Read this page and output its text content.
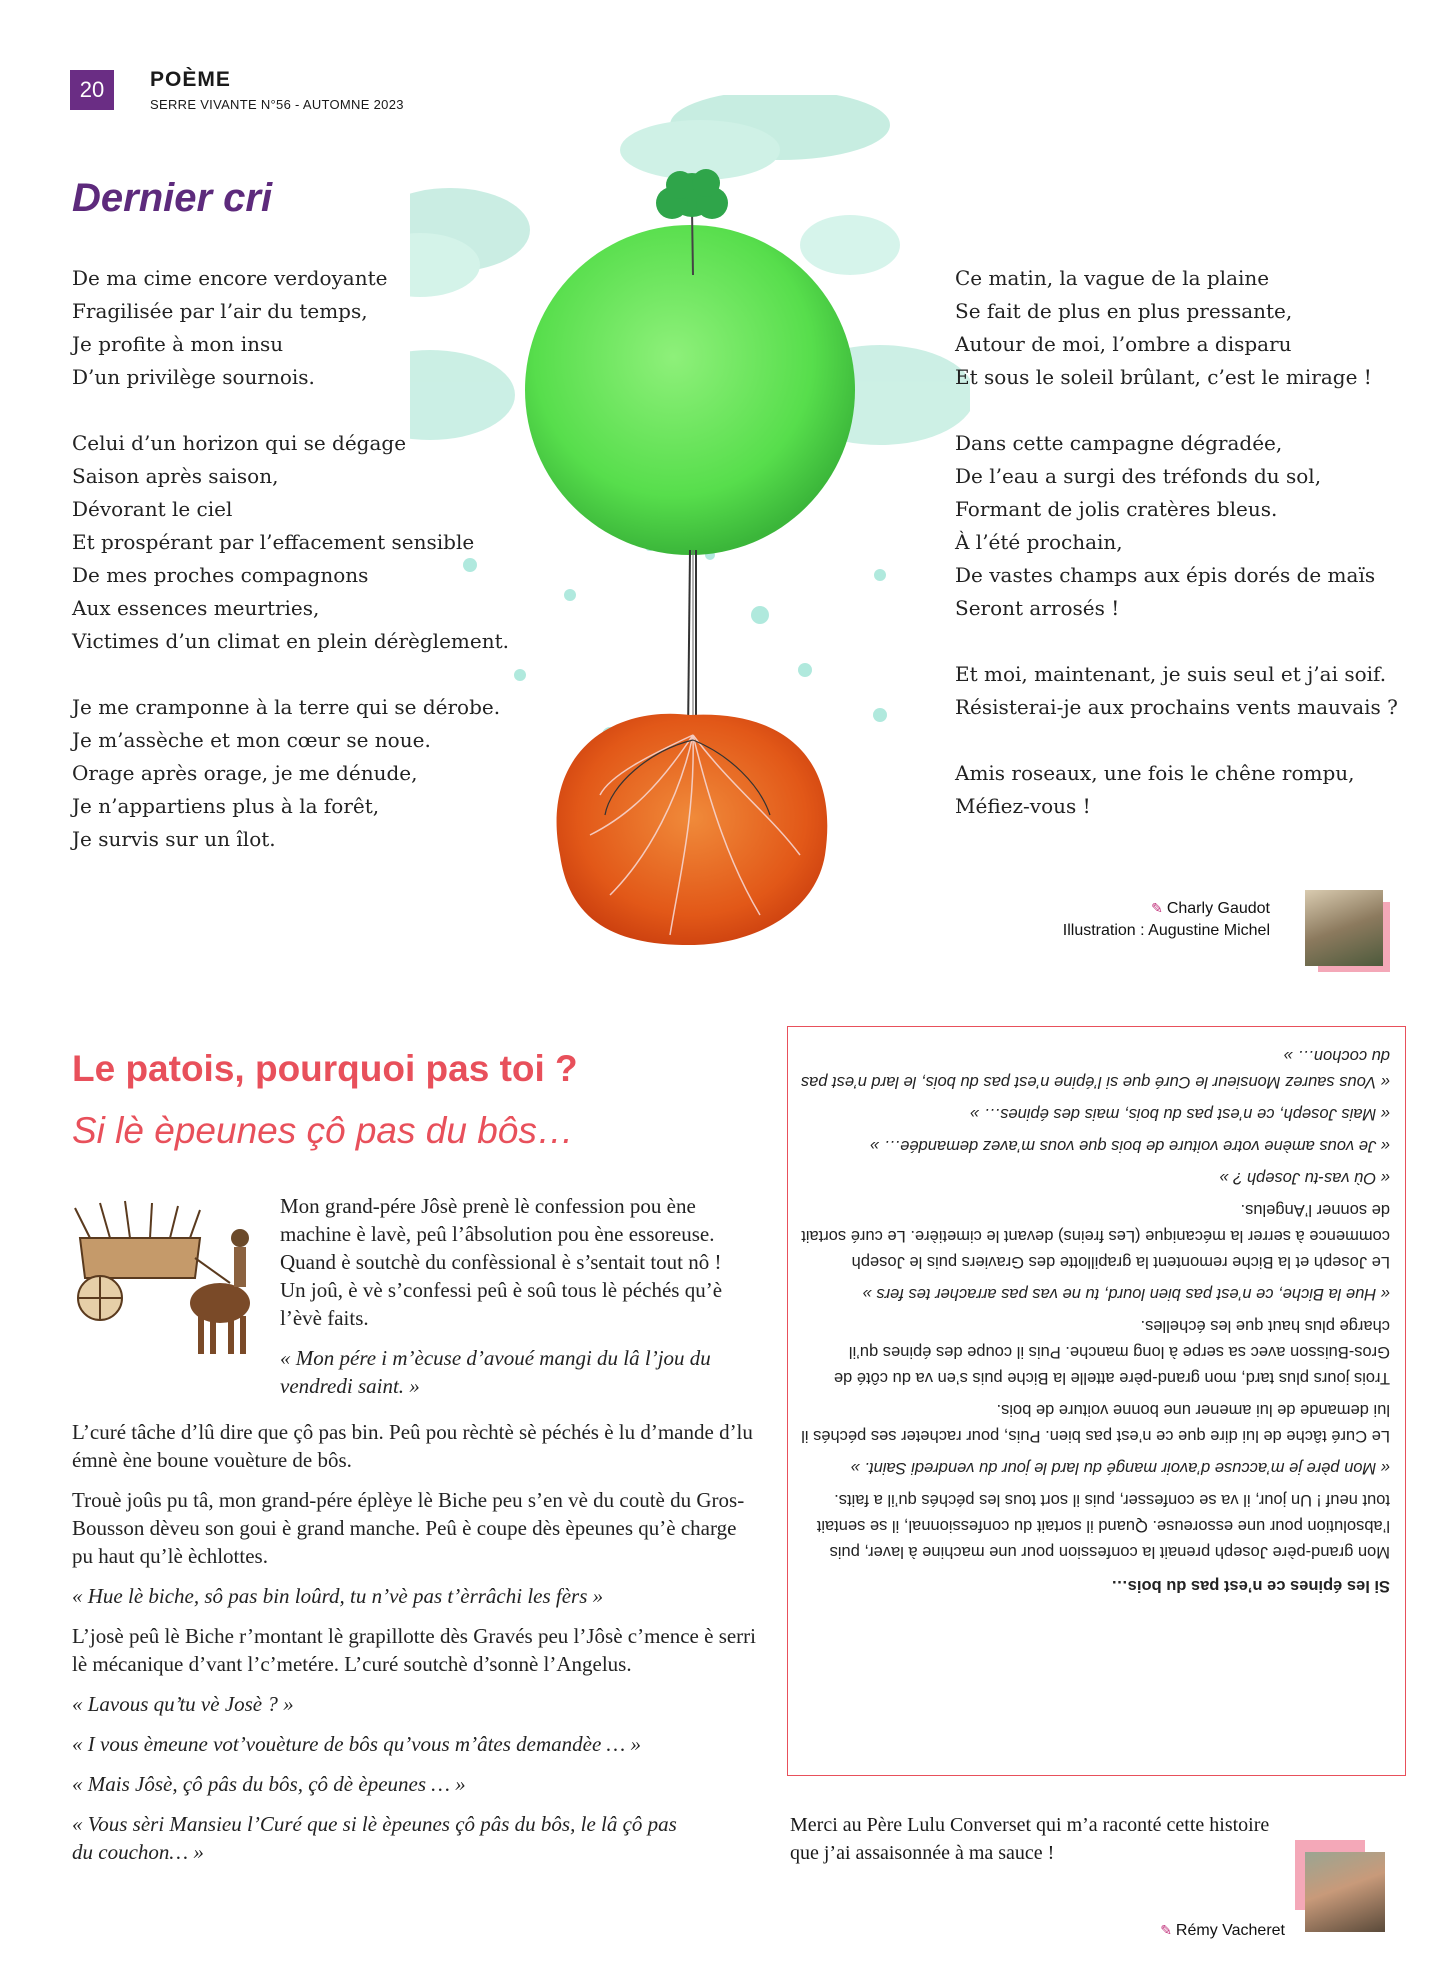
20	POÈME
SERRE VIVANTE N°56 - AUTOMNE 2023
Dernier cri
De ma cime encore verdoyante
Fragilisée par l’air du temps,
Je profite à mon insu
D’un privilège sournois.
Celui d’un horizon qui se dégage
Saison après saison,
Dévorant le ciel
Et prospérant par l’effacement sensible
De mes proches compagnons
Aux essences meurtries,
Victimes d’un climat en plein dérèglement.
Je me cramponne à la terre qui se dérobe.
Je m’assèche et mon cœur se noue.
Orage après orage, je me dénude,
Je n’appartiens plus à la forêt,
Je survis sur un îlot.
Ce matin, la vague de la plaine
Se fait de plus en plus pressante,
Autour de moi, l’ombre a disparu
Et sous le soleil brûlant, c’est le mirage !
Dans cette campagne dégradée,
De l’eau a surgi des tréfonds du sol,
Formant de jolis cratères bleus.
À l’été prochain,
De vastes champs aux épis dorés de maïs
Seront arrosés !
Et moi, maintenant, je suis seul et j’ai soif.
Résisterai-je aux prochains vents mauvais ?
Amis roseaux, une fois le chêne rompu,
Méfiez-vous !
✎ Charly Gaudot
Illustration : Augustine Michel
Le patois, pourquoi pas toi ?
Si lè èpeunes çô pas du bôs…

Mon grand-pére Jôsè prenè lè confession pou ène machine è lavè, peû l’âbsolution pou ène essoreuse. Quand è soutchè du confèssional è s’sentait tout nô ! Un joû, è vè s’confessi peû è soû tous lè péchés qu’è l’èvè faits.

« Mon pére i m’ècuse d’avoué mangi du lâ l’jou du vendredi saint. »

L’curé tâche d’lû dire que çô pas bin. Peû pou rèchtè sè péchés è lu d’mande d’lu émnè ène boune vouèture de bôs.

Trouè joûs pu tâ, mon grand-pére éplèye lè Biche peu s’en vè du coutè du Gros-Bousson dèveu son goui è grand manche. Peû è coupe dès èpeunes qu’è charge pu haut qu’lè èchlottes.

« Hue lè biche, sô pas bin loûrd, tu n’vè pas t’èrrâchi les fèrs »

L’josè peû lè Biche r’montant lè grapillotte dès Gravés peu l’Jôsè c’mence è serri lè mécanique d’vant l’c’metére. L’curé soutchè d’sonnè l’Angelus.

« Lavous qu’tu vè Josè ? »

« I vous èmeune vot’vouèture de bôs qu’vous m’âtes demandèe … »

« Mais Jôsè, çô pâs du bôs, çô dè èpeunes … »

« Vous sèri Mansieu l’Curé que si lè èpeunes çô pâs du bôs, le lâ çô pas du couchon… »

Si les épines ce n’est pas du bois…

Mon grand-père Joseph prenait la confession pour une machine à laver, puis l’absolution pour une essoreuse. Quand il sortait du confessionnal, il se sentait tout neuf ! Un jour, il va se confesser, puis il sort tous les péchés qu’il a faits.

« Mon père je m’accuse d’avoir mangé du lard le jour du vendredi Saint. »

Le Curé tâche de lui dire que ce n’est pas bien. Puis, pour racheter ses péchés il lui demande de lui amener une bonne voiture de bois.

Trois jours plus tard, mon grand-père attelle la Biche puis s’en va du côté de Gros-Buisson avec sa serpe à long manche. Puis il coupe des épines qu’il charge plus haut que les échelles.

« Hue la Biche, ce n’est pas bien lourd, tu ne vas pas arracher tes fers »

Le Joseph et la Biche remontent la grapillotte des Graviers puis le Joseph commence à serrer la mécanique (Les freins) devant le cimetière. Le curé sortait de sonner l’Angelus.

« Où vas-tu Joseph ? »

« Je vous amène votre voiture de bois que vous m’avez demandée… »

« Mais Joseph, ce n’est pas du bois, mais des épines… »

« Vous saurez Monsieur le Curé que si l’épine n’est pas du bois, le lard n’est pas du cochon… »

Merci au Père Lulu Converset qui m’a raconté cette histoire que j’ai assaisonnée à ma sauce !
✎ Rémy Vacheret
